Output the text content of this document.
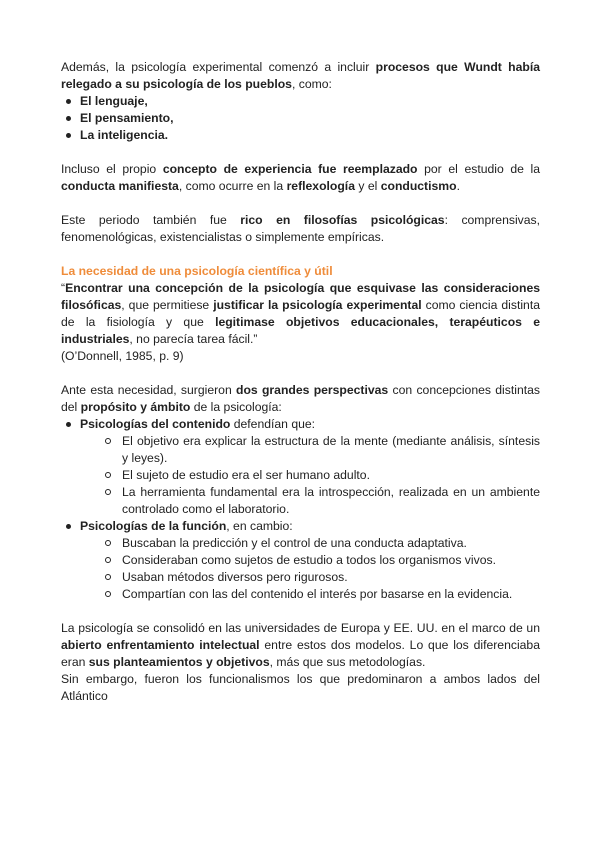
Además, la psicología experimental comenzó a incluir procesos que Wundt había relegado a su psicología de los pueblos, como:

El lenguaje,
El pensamiento,
La inteligencia.

Incluso el propio concepto de experiencia fue reemplazado por el estudio de la conducta manifiesta, como ocurre en la reflexología y el conductismo.

Este periodo también fue rico en filosofías psicológicas: comprensivas, fenomenológicas, existencialistas o simplemente empíricas.

La necesidad de una psicología científica y útil

“Encontrar una concepción de la psicología que esquivase las consideraciones filosóficas, que permitiese justificar la psicología experimental como ciencia distinta de la fisiología y que legitimase objetivos educacionales, terapéuticos e industriales, no parecía tarea fácil.”

(O’Donnell, 1985, p. 9)

Ante esta necesidad, surgieron dos grandes perspectivas con concepciones distintas del propósito y ámbito de la psicología:

Psicologías del contenido defendían que:
El objetivo era explicar la estructura de la mente (mediante análisis, síntesis y leyes).
El sujeto de estudio era el ser humano adulto.
La herramienta fundamental era la introspección, realizada en un ambiente controlado como el laboratorio.
Psicologías de la función, en cambio:
Buscaban la predicción y el control de una conducta adaptativa.
Consideraban como sujetos de estudio a todos los organismos vivos.
Usaban métodos diversos pero rigurosos.
Compartían con las del contenido el interés por basarse en la evidencia.

La psicología se consolidó en las universidades de Europa y EE. UU. en el marco de un abierto enfrentamiento intelectual entre estos dos modelos. Lo que los diferenciaba eran sus planteamientos y objetivos, más que sus metodologías.

Sin embargo, fueron los funcionalismos los que predominaron a ambos lados del Atlántico
